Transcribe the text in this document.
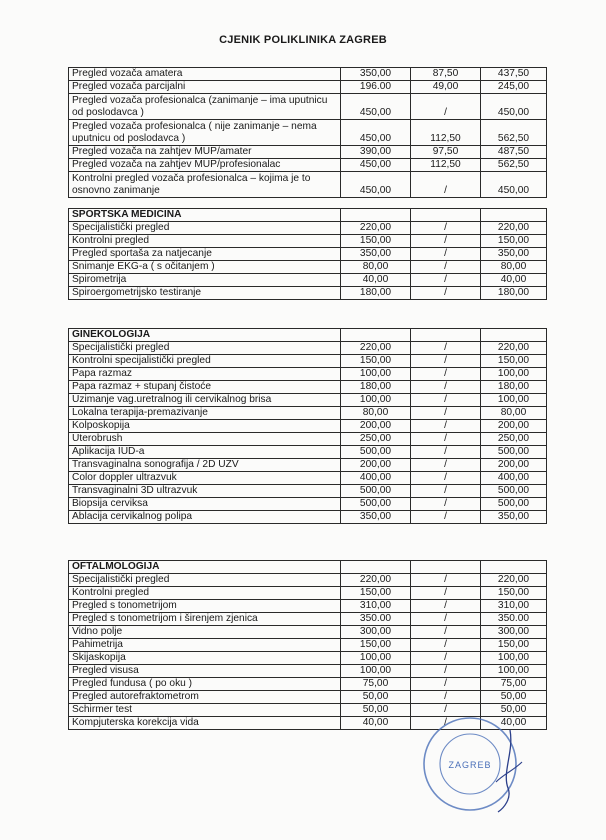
CJENIK POLIKLINIKA ZAGREB
Pregled vozača amatera	350,00	87,50	437,50
Pregled vozača parcijalni	196.00	49,00	245,00
Pregled vozača profesionalca (zanimanje – ima uputnicu od poslodavca )	450,00	/	450,00
Pregled vozača profesionalca ( nije zanimanje – nema uputnicu od poslodavca )	450,00	112,50	562,50
Pregled vozača na zahtjev MUP/amater	390,00	97,50	487,50
Pregled vozača na zahtjev MUP/profesionalac	450,00	112,50	562,50
Kontrolni pregled vozača profesionalca – kojima je to osnovno zanimanje	450,00	/	450,00
SPORTSKA MEDICINA			
Specijalistički pregled	220,00	/	220,00
Kontrolni pregled	150,00	/	150,00
Pregled sportaša za natjecanje	350,00	/	350,00
Snimanje EKG-a ( s očitanjem )	80,00	/	80,00
Spirometrija	40,00	/	40,00
Spiroergometrijsko testiranje	180,00	/	180,00
GINEKOLOGIJA			
Specijalistički pregled	220,00	/	220,00
Kontrolni specijalistički pregled	150,00	/	150,00
Papa razmaz	100,00	/	100,00
Papa razmaz + stupanj čistoće	180,00	/	180,00
Uzimanje vag.uretralnog ili cervikalnog brisa	100,00	/	100,00
Lokalna terapija-premazivanje	80,00	/	80,00
Kolposkopija	200,00	/	200,00
Uterobrush	250,00	/	250,00
Aplikacija IUD-a	500,00	/	500,00
Transvaginalna sonografija / 2D UZV	200,00	/	200,00
Color doppler ultrazvuk	400,00	/	400,00
Transvaginalni 3D ultrazvuk	500,00	/	500,00
Biopsija cerviksa	500,00	/	500,00
Ablacija cervikalnog polipa	350,00	/	350,00
OFTALMOLOGIJA			
Specijalistički pregled	220,00	/	220,00
Kontrolni pregled	150,00	/	150,00
Pregled s tonometrijom	310,00	/	310,00
Pregled s tonometrijom i širenjem zjenica	350.00	/	350.00
Vidno polje	300,00	/	300,00
Pahimetrija	150,00	/	150,00
Skijaskopija	100,00	/	100,00
Pregled visusa	100,00	/	100,00
Pregled fundusa ( po oku )	75,00	/	75,00
Pregled autorefraktometrom	50,00	/	50,00
Schirmer test	50,00	/	50,00
Kompjuterska korekcija vida	40,00	/	40,00
ZAGREB
